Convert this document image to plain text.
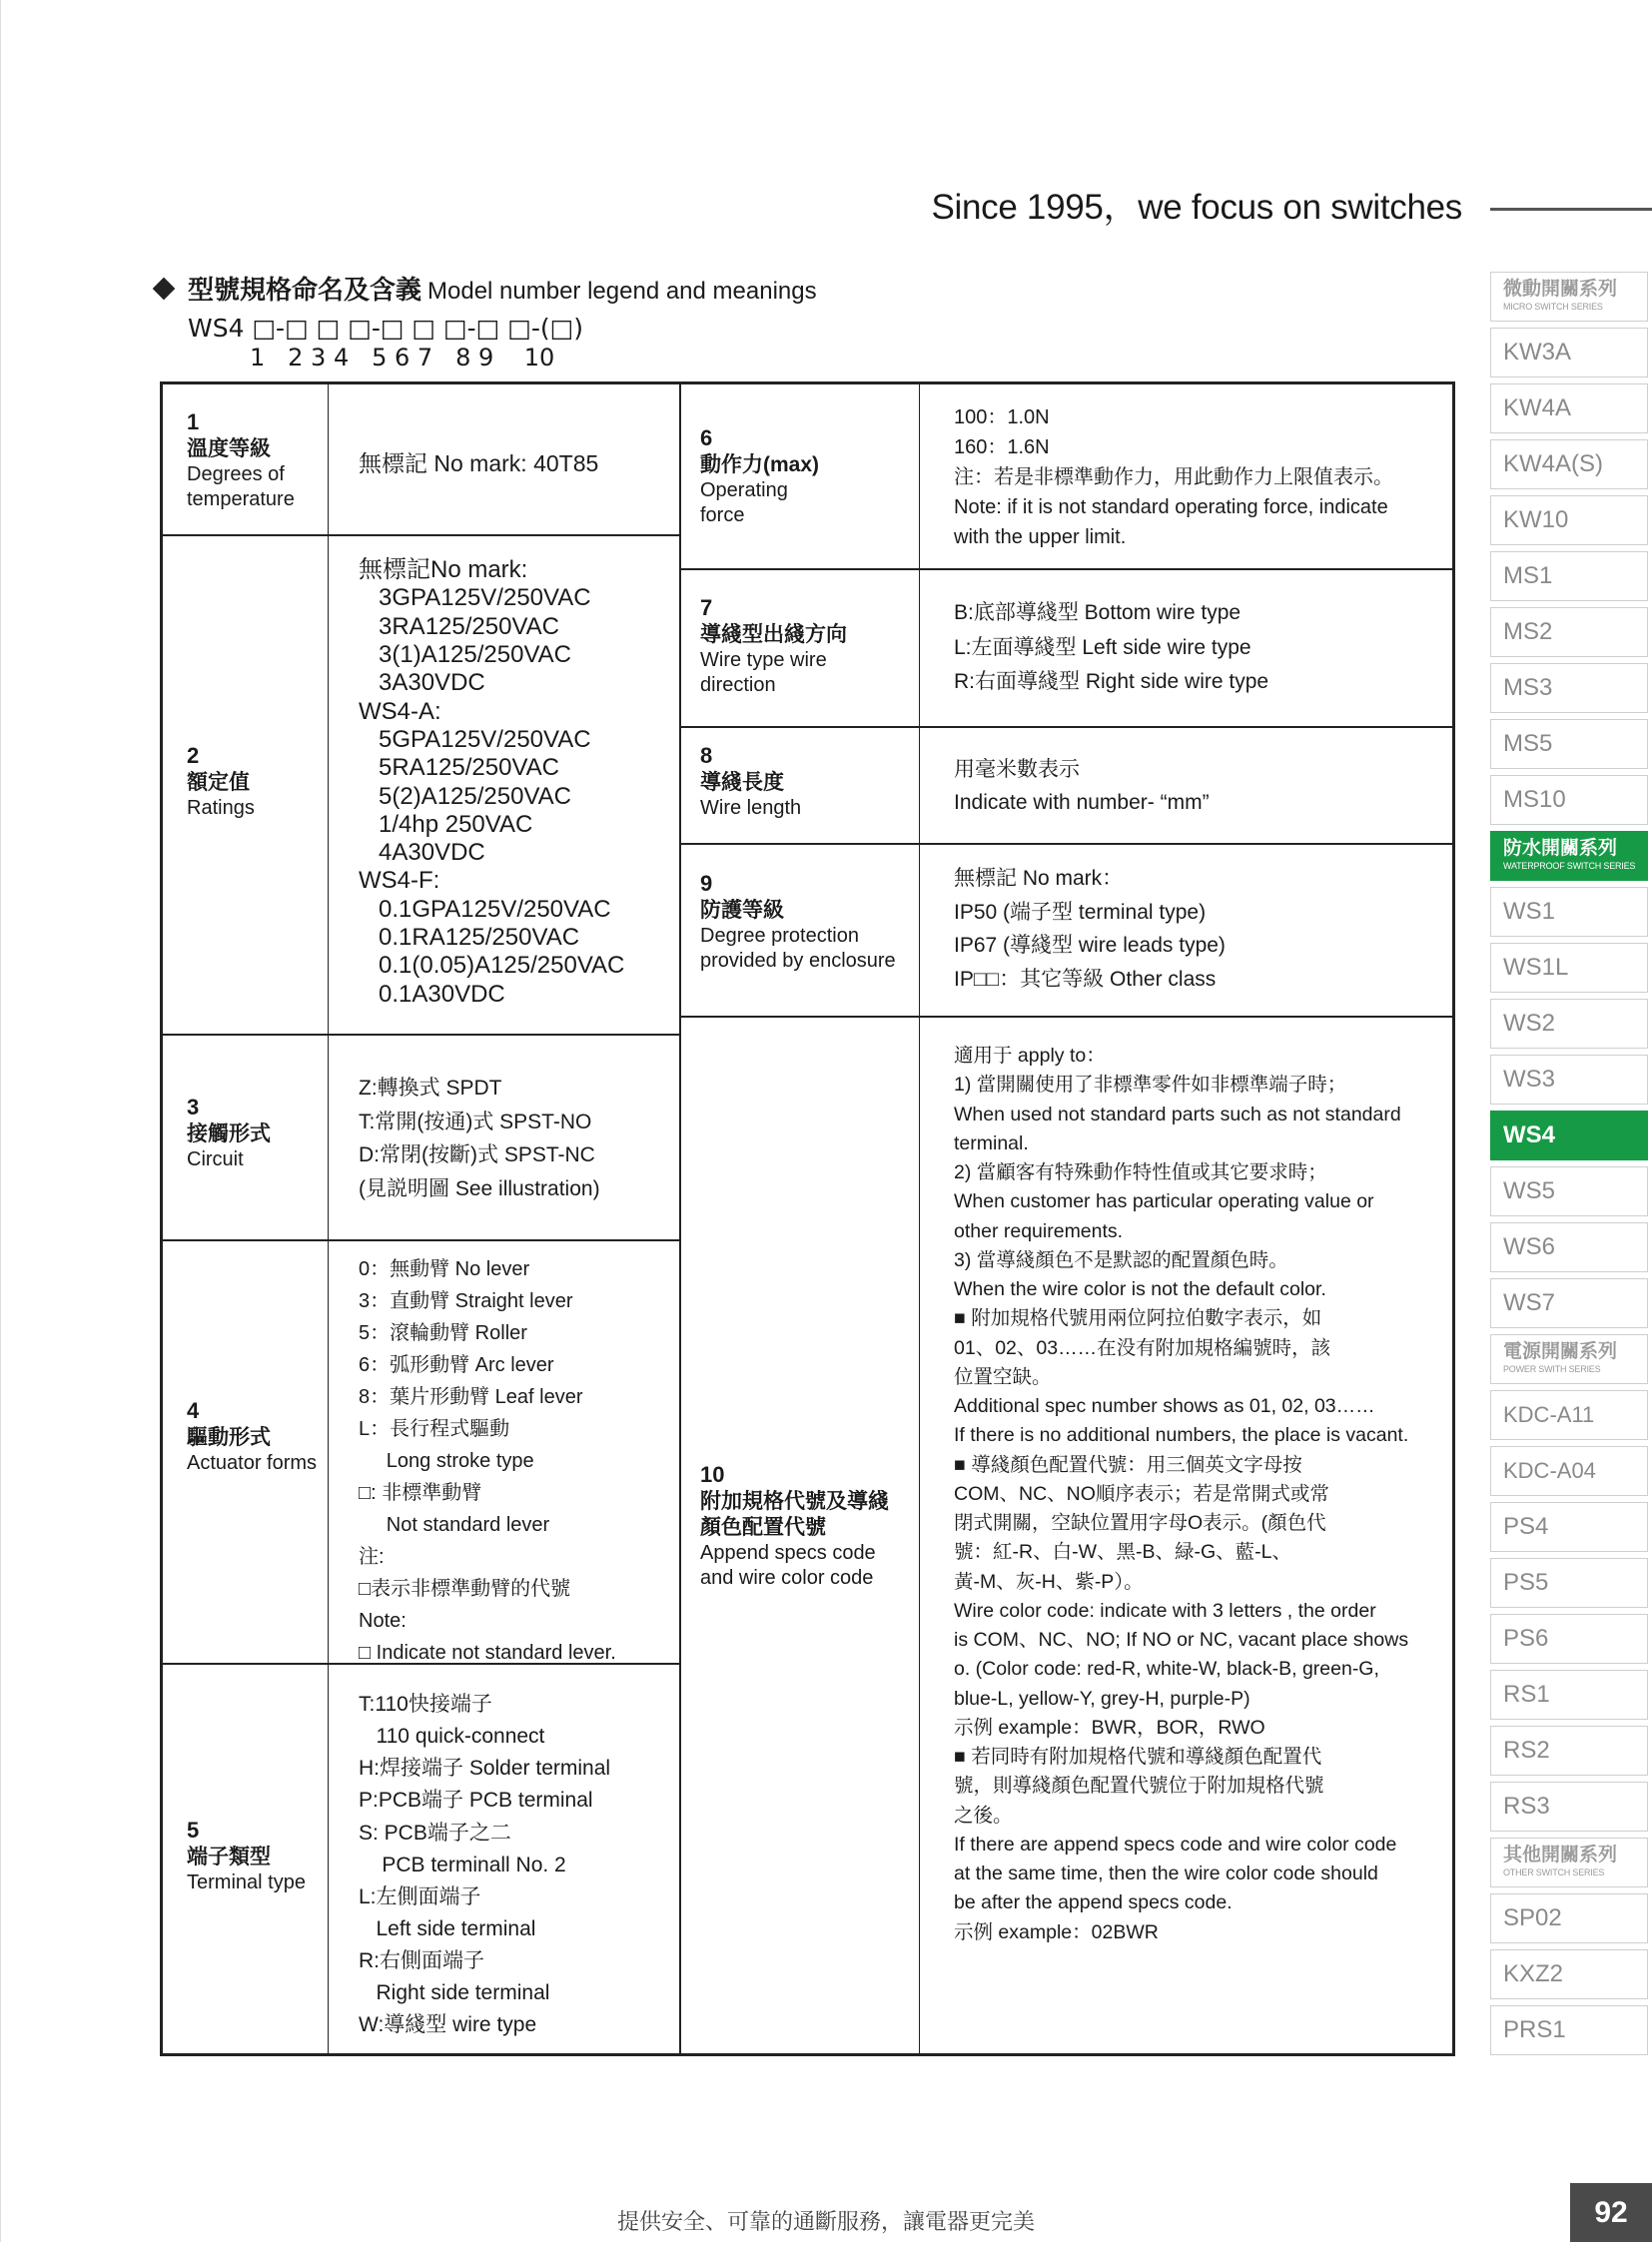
Since 1995，we focus on switches
型號規格命名及含義 Model number legend and meanings
WS4 □-□ □ □-□ □ □-□ □-(□)
1   2 3 4   5 6 7   8 9    10
1
溫度等級
Degrees of temperature
無標記 No mark: 40T85
2
額定值
Ratings
無標記No mark:
3GPA125V/250VAC
3RA125/250VAC
3(1)A125/250VAC
3A30VDC
WS4-A:
5GPA125V/250VAC
5RA125/250VAC
5(2)A125/250VAC
1/4hp 250VAC
4A30VDC
WS4-F:
0.1GPA125V/250VAC
0.1RA125/250VAC
0.1(0.05)A125/250VAC
0.1A30VDC
3
接觸形式
Circuit
Z:轉換式 SPDT
T:常開(按通)式 SPST-NO
D:常閉(按斷)式 SPST-NC
(見説明圖 See illustration)
4
驅動形式
Actuator forms
0：無動臂 No lever
3：直動臂 Straight lever
5：滾輪動臂 Roller
6：弧形動臂 Arc lever
8：葉片形動臂 Leaf lever
L：長行程式驅動
Long stroke type
□: 非標準動臂
Not standard lever
注:
□表示非標準動臂的代號
Note:
□ Indicate not standard lever.
5
端子類型
Terminal type
T:110快接端子
110 quick-connect
H:焊接端子 Solder terminal
P:PCB端子 PCB terminal
S: PCB端子之二
PCB terminall No. 2
L:左側面端子
Left side terminal
R:右側面端子
Right side terminal
W:導綫型 wire type
6
動作力(max)
Operating force
100：1.0N
160：1.6N
注：若是非標準動作力，用此動作力上限值表示。
Note: if it is not standard operating force, indicate
with the upper limit.
7
導綫型出綫方向
Wire type wire direction
B:底部導綫型 Bottom wire type
L:左面導綫型 Left side wire type
R:右面導綫型 Right side wire type
8
導綫長度
Wire length
用毫米數表示
Indicate with number- “mm”
9
防護等級
Degree protection provided by enclosure
無標記 No mark：
IP50 (端子型 terminal type)
IP67 (導綫型 wire leads type)
IP□□：其它等級 Other class
10
附加規格代號及導綫顏色配置代號
Append specs code and wire color code
適用于 apply to：
1) 當開關使用了非標準零件如非標準端子時；
When used not standard parts such as not standard
terminal.
2) 當顧客有特殊動作特性值或其它要求時；
When customer has particular operating value or
other requirements.
3) 當導綫顏色不是默認的配置顏色時。
When the wire color is not the default color.
■ 附加規格代號用兩位阿拉伯數字表示，如
01、02、03……在没有附加規格編號時，該
位置空缺。
Additional spec number shows as 01, 02, 03……
If there is no additional numbers, the place is vacant.
■ 導綫顏色配置代號：用三個英文字母按
COM、NC、NO順序表示；若是常開式或常
閉式開關，空缺位置用字母O表示。(顏色代
號：紅-R、白-W、黑-B、緑-G、藍-L、
黃-M、灰-H、紫-P）。
Wire color code: indicate with 3 letters , the order
is COM、NC、NO; If NO or NC, vacant place shows
o. (Color code: red-R, white-W, black-B, green-G,
blue-L, yellow-Y, grey-H, purple-P)
示例 example：BWR，BOR，RWO
■ 若同時有附加規格代號和導綫顏色配置代
號，則導綫顏色配置代號位于附加規格代號
之後。
If there are append specs code and wire color code
at the same time, then the wire color code should
be after the append specs code.
示例 example：02BWR
微動開關系列
MICRO SWITCH SERIES
KW3A
KW4A
KW4A(S)
KW10
MS1
MS2
MS3
MS5
MS10
防水開關系列
WATERPROOF SWITCH SERIES
WS1
WS1L
WS2
WS3
WS4
WS5
WS6
WS7
電源開關系列
POWER SWITH SERIES
KDC-A11
KDC-A04
PS4
PS5
PS6
RS1
RS2
RS3
其他開關系列
OTHER SWITCH SERIES
SP02
KXZ2
PRS1
提供安全、可靠的通斷服務，讓電器更完美	92
